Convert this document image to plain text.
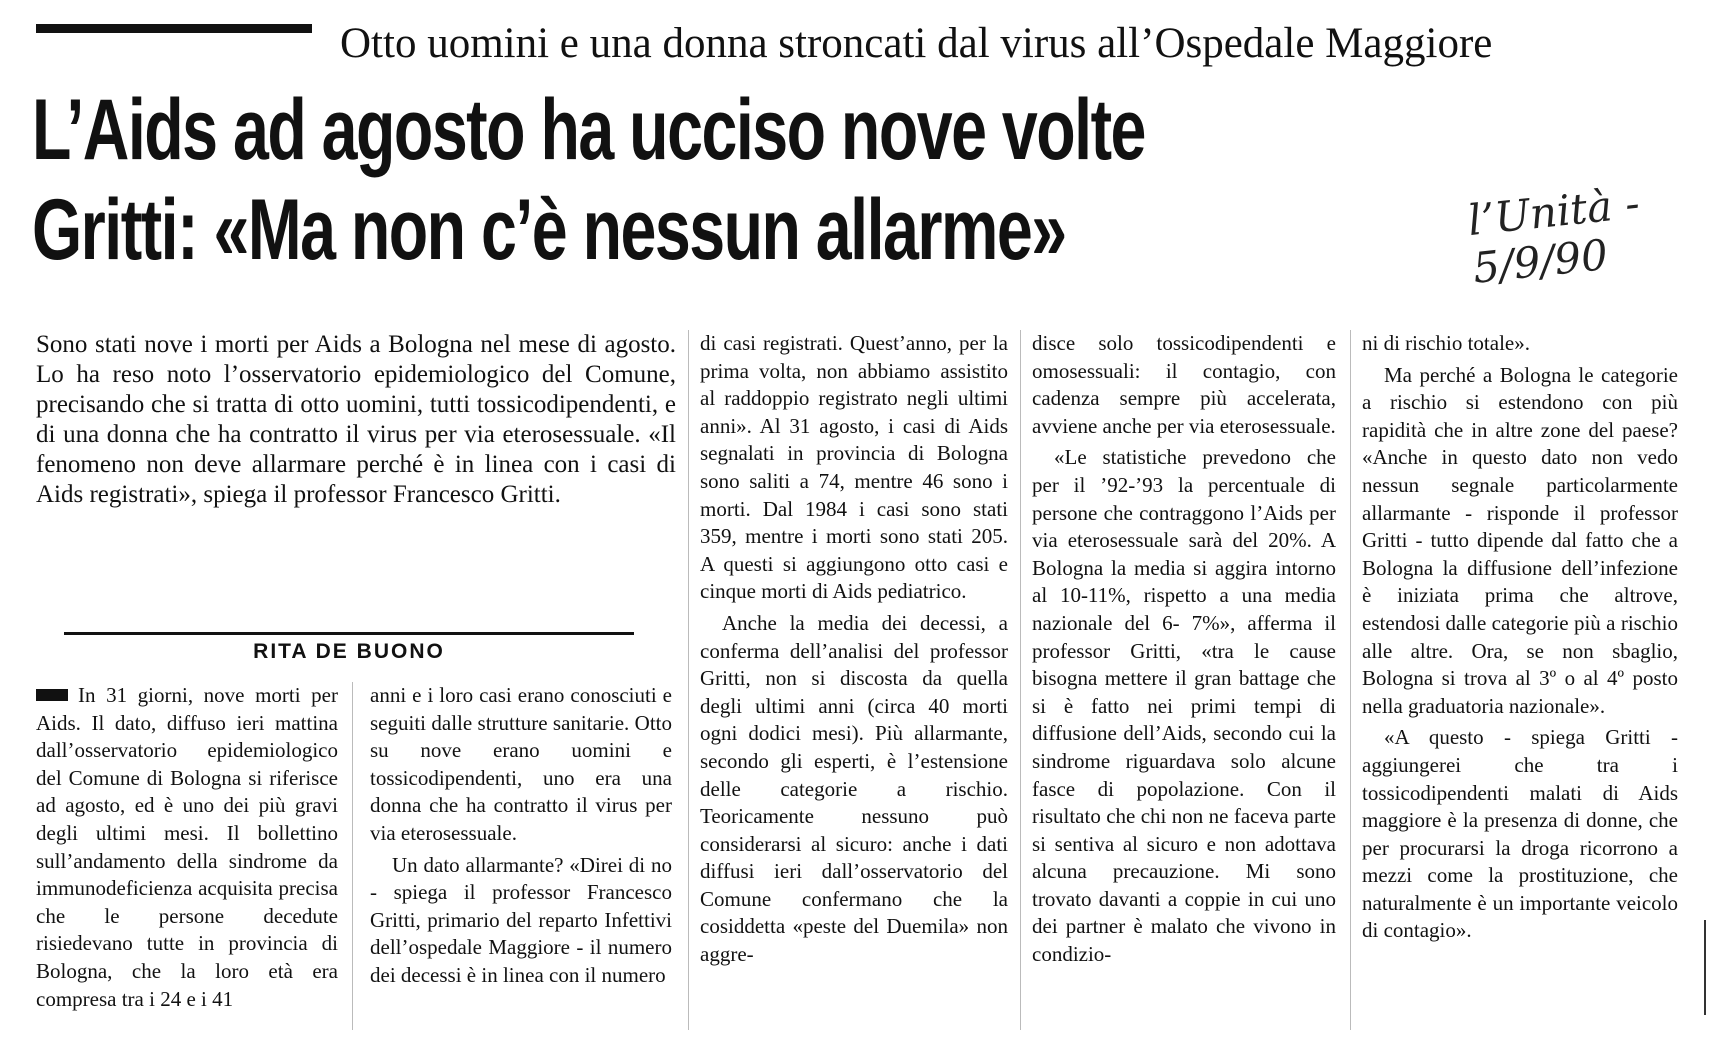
Otto uomini e una donna stroncati dal virus all’Ospedale Maggiore
L’Aids ad agosto ha ucciso nove volte
Gritti: «Ma non c’è nessun allarme»	l’Unità -
5/9/90

Sono stati nove i morti per Aids a Bologna nel mese di agosto. Lo ha reso noto l’osservatorio epidemiologico del Comune, precisando che si tratta di otto uomini, tutti tossicodipendenti, e di una donna che ha contratto il virus per via eterosessuale. «Il fenomeno non deve allarmare perché è in linea con i casi di Aids registrati», spiega il professor Francesco Gritti.

RITA DE BUONO

In 31 giorni, nove morti per Aids. Il dato, diffuso ieri mattina dall’osservatorio epidemiologico del Comune di Bologna si riferisce ad agosto, ed è uno dei più gravi degli ultimi mesi. Il bollettino sull’andamento della sindrome da immunodeficienza acquisita precisa che le persone decedute risiedevano tutte in provincia di Bologna, che la loro età era compresa tra i 24 e i 41

anni e i loro casi erano conosciuti e seguiti dalle strutture sanitarie. Otto su nove erano uomini e tossicodipendenti, uno era una donna che ha contratto il virus per via eterosessuale.

Un dato allarmante? «Direi di no - spiega il professor Francesco Gritti, primario del reparto Infettivi dell’ospedale Maggiore - il numero dei decessi è in linea con il numero

di casi registrati. Quest’anno, per la prima volta, non abbiamo assistito al raddoppio registrato negli ultimi anni». Al 31 agosto, i casi di Aids segnalati in provincia di Bologna sono saliti a 74, mentre 46 sono i morti. Dal 1984 i casi sono stati 359, mentre i morti sono stati 205. A questi si aggiungono otto casi e cinque morti di Aids pediatrico.

Anche la media dei decessi, a conferma dell’analisi del professor Gritti, non si discosta da quella degli ultimi anni (circa 40 morti ogni dodici mesi). Più allarmante, secondo gli esperti, è l’estensione delle categorie a rischio. Teoricamente nessuno può considerarsi al sicuro: anche i dati diffusi ieri dall’osservatorio del Comune confermano che la cosiddetta «peste del Duemila» non aggre-

disce solo tossicodipendenti e omosessuali: il contagio, con cadenza sempre più accelerata, avviene anche per via eterosessuale.

«Le statistiche prevedono che per il ’92-’93 la percentuale di persone che contraggono l’Aids per via eterosessuale sarà del 20%. A Bologna la media si aggira intorno al 10-11%, rispetto a una media nazionale del 6- 7%», afferma il professor Gritti, «tra le cause bisogna mettere il gran battage che si è fatto nei primi tempi di diffusione dell’Aids, secondo cui la sindrome riguardava solo alcune fasce di popolazione. Con il risultato che chi non ne faceva parte si sentiva al sicuro e non adottava alcuna precauzione. Mi sono trovato davanti a coppie in cui uno dei partner è malato che vivono in condizio-

ni di rischio totale».

Ma perché a Bologna le categorie a rischio si estendono con più rapidità che in altre zone del paese? «Anche in questo dato non vedo nessun segnale particolarmente allarmante - risponde il professor Gritti - tutto dipende dal fatto che a Bologna la diffusione dell’infezione è iniziata prima che altrove, estendosi dalle categorie più a rischio alle altre. Ora, se non sbaglio, Bologna si trova al 3º o al 4º posto nella graduatoria nazionale».

«A questo - spiega Gritti - aggiungerei che tra i tossicodipendenti malati di Aids maggiore è la presenza di donne, che per procurarsi la droga ricorrono a mezzi come la prostituzione, che naturalmente è un importante veicolo di contagio».
